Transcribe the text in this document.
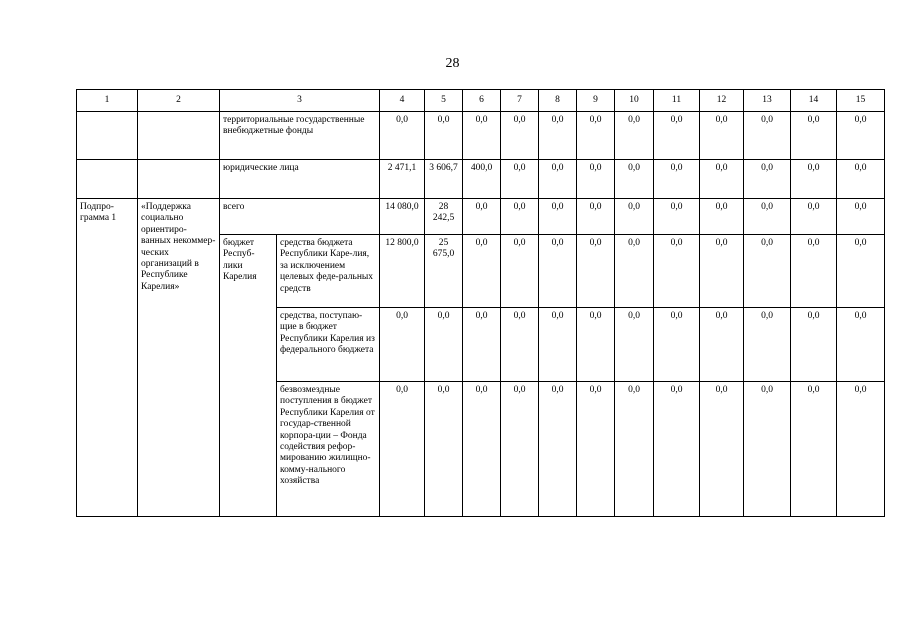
28
1	2	3		4	5	6	7	8	9	10	11	12	13	14	15
		территориальные государственные внебюджетные фонды		0,0	0,0	0,0	0,0	0,0	0,0	0,0	0,0	0,0	0,0	0,0	0,0
		юридические лица		2 471,1	3 606,7	400,0	0,0	0,0	0,0	0,0	0,0	0,0	0,0	0,0	0,0
Подпро-грамма 1	«Поддержка социально ориентиро-ванных некоммер-ческих организаций в Республике Карелия»	всего		14 080,0	28 242,5	0,0	0,0	0,0	0,0	0,0	0,0	0,0	0,0	0,0	0,0
		бюджет Респуб-лики Карелия	средства бюджета Республики Каре-лия, за исключением целевых феде-ральных средств	12 800,0	25 675,0	0,0	0,0	0,0	0,0	0,0	0,0	0,0	0,0	0,0	0,0
			средства, поступаю-щие в бюджет Республики Карелия из федерального бюджета	0,0	0,0	0,0	0,0	0,0	0,0	0,0	0,0	0,0	0,0	0,0	0,0
			безвозмездные поступления в бюджет Республики Карелия от государ-ственной корпора-ции – Фонда содействия рефор-мированию жилищно-комму-нального хозяйства	0,0	0,0	0,0	0,0	0,0	0,0	0,0	0,0	0,0	0,0	0,0	0,0
